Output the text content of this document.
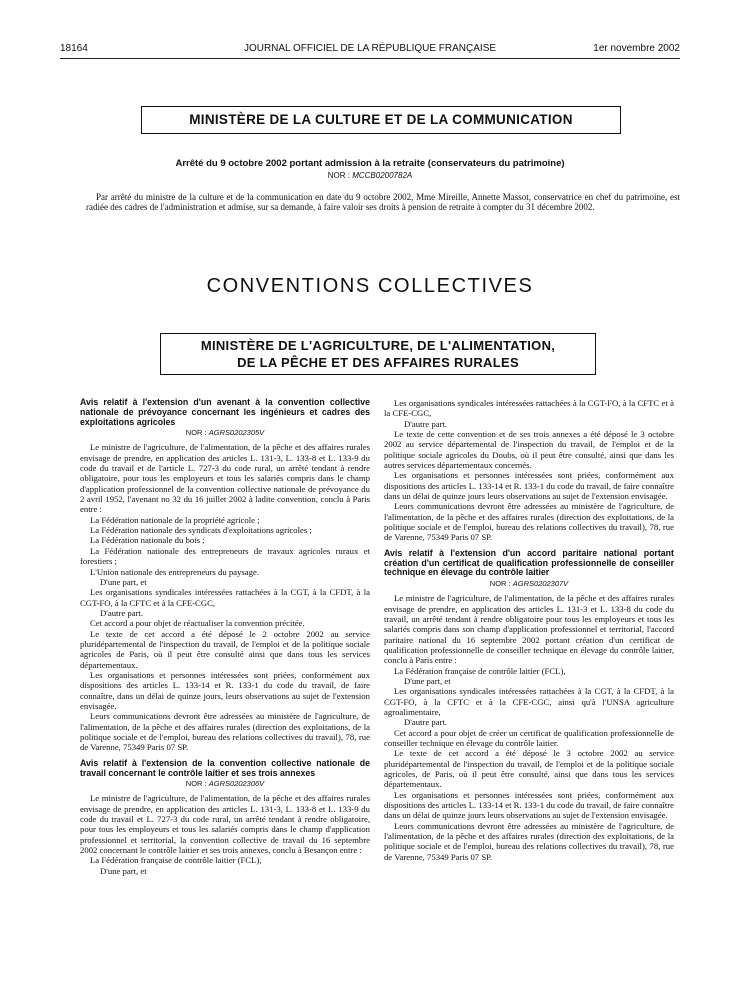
18164	JOURNAL OFFICIEL DE LA RÉPUBLIQUE FRANÇAISE	1er novembre 2002
MINISTÈRE DE LA CULTURE ET DE LA COMMUNICATION
Arrêté du 9 octobre 2002 portant admission à la retraite (conservateurs du patrimoine)
NOR : MCCB0200782A
Par arrêté du ministre de la culture et de la communication en date du 9 octobre 2002, Mme Mireille, Annette Massot, conservatrice en chef du patrimoine, est radiée des cadres de l'administration et admise, sur sa demande, à faire valoir ses droits à pension de retraite à compter du 31 décembre 2002.
CONVENTIONS COLLECTIVES
MINISTÈRE DE L'AGRICULTURE, DE L'ALIMENTATION,
DE LA PÊCHE ET DES AFFAIRES RURALES

Avis relatif à l'extension d'un avenant à la convention collective nationale de prévoyance concernant les ingénieurs et cadres des exploitations agricoles

NOR : AGRS0202305V

Le ministre de l'agriculture, de l'alimentation, de la pêche et des affaires rurales envisage de prendre, en application des articles L. 131-3, L. 133-8 et L. 133-9 du code du travail et de l'article L. 727-3 du code rural, un arrêté tendant à rendre obligatoire, pour tous les employeurs et tous les salariés compris dans le champ d'application professionnel de la convention collective nationale de prévoyance du 2 avril 1952, l'avenant no 32 du 16 juillet 2002 à ladite convention, conclu à Paris entre :

La Fédération nationale de la propriété agricole ;

La Fédération nationale des syndicats d'exploitations agricoles ;

La Fédération nationale du bois ;

La Fédération nationale des entrepreneurs de travaux agricoles ruraux et forestiers ;

L'Union nationale des entrepreneurs du paysage.

D'une part, et

Les organisations syndicales intéressées rattachées à la CGT, à la CFDT, à la CGT-FO, à la CFTC et à la CFE-CGC,

D'autre part.

Cet accord a pour objet de réactualiser la convention précitée.

Le texte de cet accord a été déposé le 2 octobre 2002 au service pluridépartemental de l'inspection du travail, de l'emploi et de la politique sociale agricoles de Paris, où il peut être consulté ainsi que dans tous les services départementaux.

Les organisations et personnes intéressées sont priées, conformément aux dispositions des articles L. 133-14 et R. 133-1 du code du travail, de faire connaître, dans un délai de quinze jours, leurs observations au sujet de l'extension envisagée.

Leurs communications devront être adressées au ministère de l'agriculture, de l'alimentation, de la pêche et des affaires rurales (direction des exploitations, de la politique sociale et de l'emploi, bureau des relations collectives du travail), 78, rue de Varenne, 75349 Paris 07 SP.

Avis relatif à l'extension de la convention collective nationale de travail concernant le contrôle laitier et ses trois annexes

NOR : AGRS0202306V

Le ministre de l'agriculture, de l'alimentation, de la pêche et des affaires rurales envisage de prendre, en application des articles L. 131-3, L. 133-8 et L. 133-9 du code du travail et L. 727-3 du code rural, un arrêté tendant à rendre obligatoire, pour tous les employeurs et tous les salariés compris dans le champ d'application professionnel et territorial, la convention collective de travail du 16 septembre 2002 concernant le contrôle laitier et ses trois annexes, conclu à Besançon entre :

La Fédération française de contrôle laitier (FCL),

D'une part, et

Les organisations syndicales intéressées rattachées à la CGT-FO, à la CFTC et à la CFE-CGC,

D'autre part.

Le texte de cette convention et de ses trois annexes a été déposé le 3 octobre 2002 au service départemental de l'inspection du travail, de l'emploi et de la politique sociale agricoles du Doubs, où il peut être consulté, ainsi que dans les autres services départementaux concernés.

Les organisations et personnes intéressées sont priées, conformément aux dispositions des articles L. 133-14 et R. 133-1 du code du travail, de faire connaître dans un délai de quinze jours leurs observations au sujet de l'extension envisagée.

Leurs communications devront être adressées au ministère de l'agriculture, de l'alimentation, de la pêche et des affaires rurales (direction des exploitations, de la politique sociale et de l'emploi, bureau des relations collectives du travail), 78, rue de Varenne, 75349 Paris 07 SP.

Avis relatif à l'extension d'un accord paritaire national portant création d'un certificat de qualification professionnelle de conseiller technique en élevage du contrôle laitier

NOR : AGRS0202307V

Le ministre de l'agriculture, de l'alimentation, de la pêche et des affaires rurales envisage de prendre, en application des articles L. 131-3 et L. 133-8 du code du travail, un arrêté tendant à rendre obligatoire pour tous les employeurs et tous les salariés compris dans son champ d'application professionnel et territorial, l'accord paritaire national du 16 septembre 2002 portant création d'un certificat de qualification professionnelle de conseiller technique en élevage du contrôle laitier, conclu à Paris entre :

La Fédération française de contrôle laitier (FCL),

D'une part, et

Les organisations syndicales intéressées rattachées à la CGT, à la CFDT, à la CGT-FO, à la CFTC et à la CFE-CGC, ainsi qu'à l'UNSA agriculture agroalimentaire,

D'autre part.

Cet accord a pour objet de créer un certificat de qualification professionnelle de conseiller technique en élevage du contrôle laitier.

Le texte de cet accord a été déposé le 3 octobre 2002 au service pluridépartemental de l'inspection du travail, de l'emploi et de la politique sociale agricoles, de Paris, où il peut être consulté, ainsi que dans tous les services départementaux.

Les organisations et personnes intéressées sont priées, conformément aux dispositions des articles L. 133-14 et R. 133-1 du code du travail, de faire connaître dans un délai de quinze jours leurs observations au sujet de l'extension envisagée.

Leurs communications devront être adressées au ministère de l'agriculture, de l'alimentation, de la pêche et des affaires rurales (direction des exploitations, de la politique sociale et de l'emploi, bureau des relations collectives du travail), 78, rue de Varenne, 75349 Paris 07 SP.
